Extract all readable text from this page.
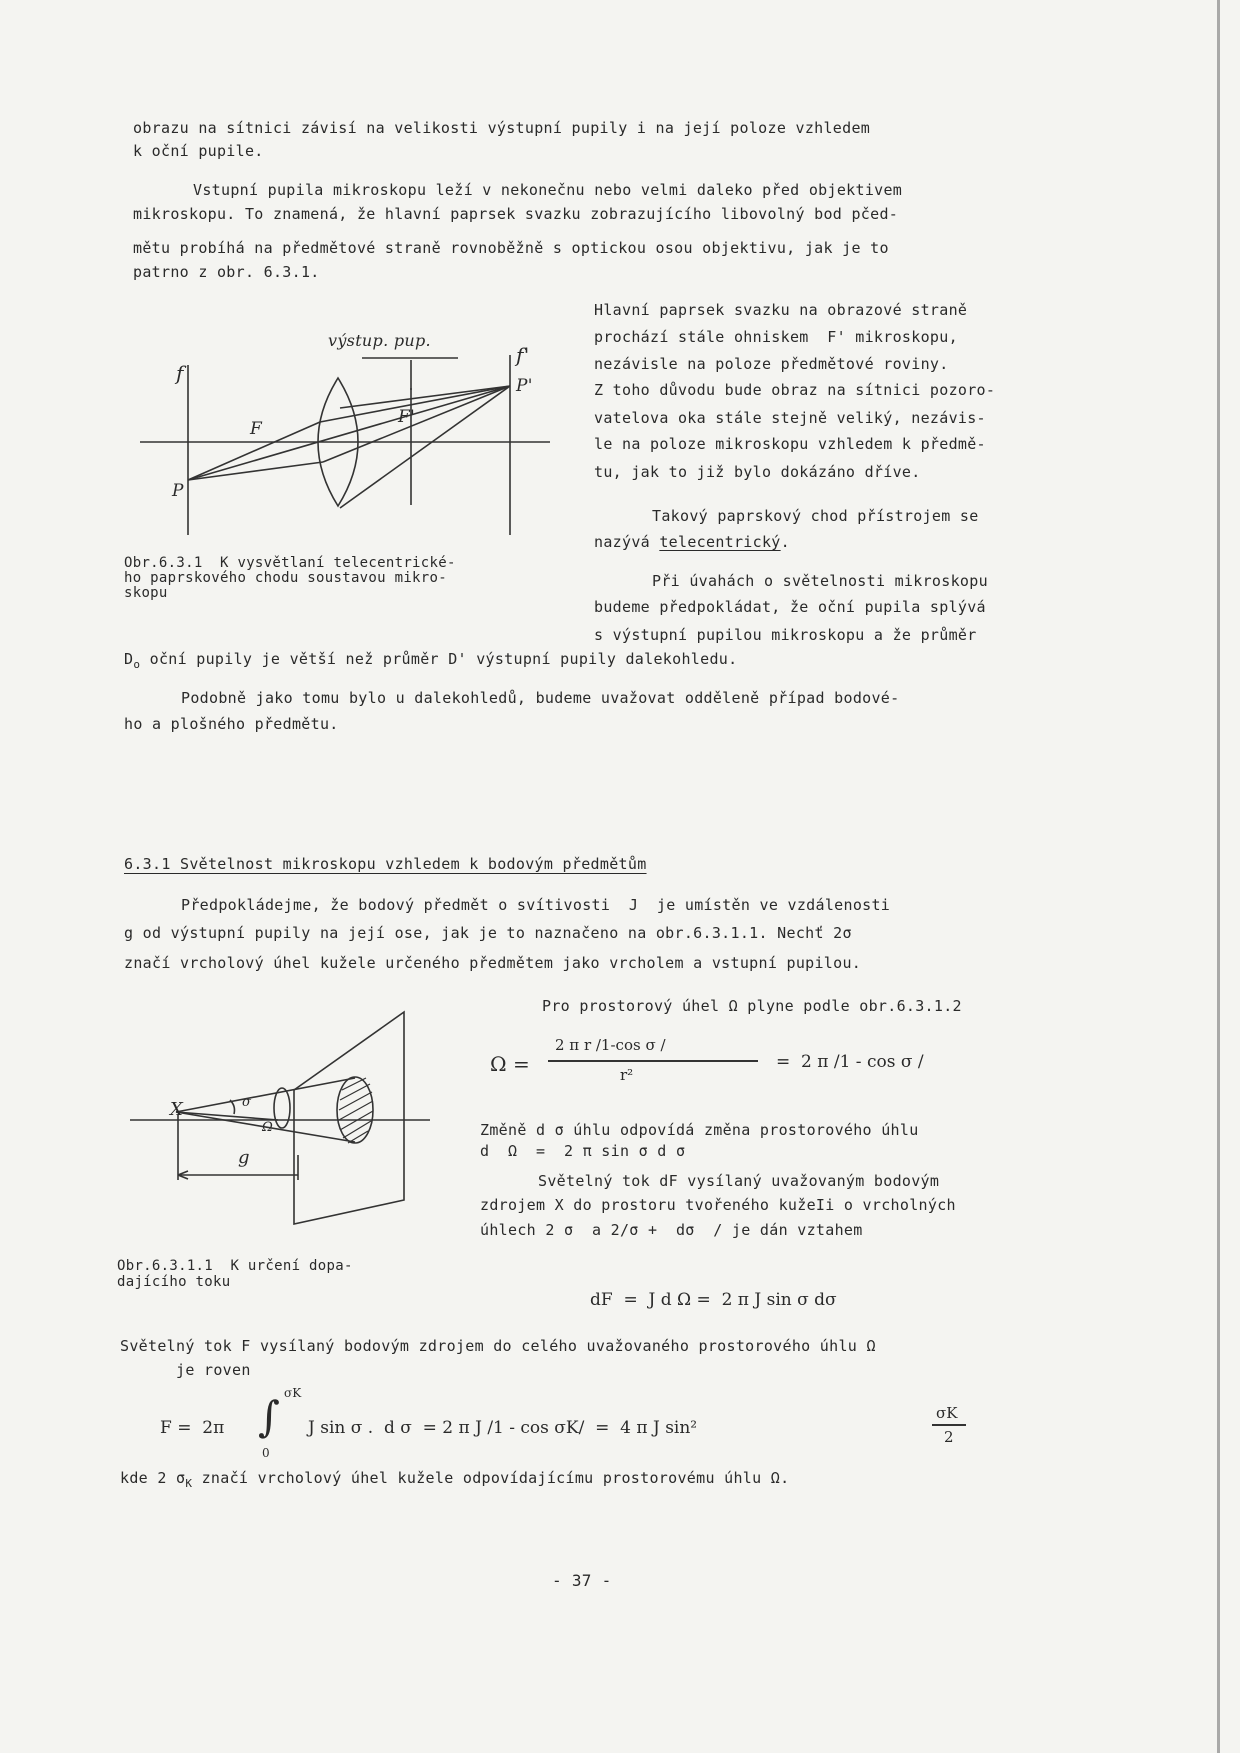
obrazu na sítnici závisí na velikosti výstupní pupily i na její poloze vzhledem
k oční pupile.
Vstupní pupila mikroskopu leží v nekonečnu nebo velmi daleko před objektivem
mikroskopu. To znamená, že hlavní paprsek svazku zobrazujícího libovolný bod pčed-
mětu probíhá na předmětové straně rovnoběžně s optickou osou objektivu, jak je to
patrno z obr. 6.3.1.
výstup. pup.
f
f'
P'
F
F'
P
Obr.6.3.1  K vysvětlaní telecentrické-
ho paprskového chodu soustavou mikro-
skopu
Hlavní paprsek svazku na obrazové straně
prochází stále ohniskem  F' mikroskopu,
nezávisle na poloze předmětové roviny.
Z toho důvodu bude obraz na sítnici pozoro-
vatelova oka stále stejně veliký, nezávis-
le na poloze mikroskopu vzhledem k předmě-
tu, jak to již bylo dokázáno dříve.
Takový paprskový chod přístrojem se
nazývá telecentrický.
Při úvahách o světelnosti mikroskopu
budeme předpokládat, že oční pupila splývá
s výstupní pupilou mikroskopu a že průměr
$D_o$ oční pupily je větší než průměr D' výstupní pupily dalekohledu.
Podobně jako tomu bylo u dalekohledů, budeme uvažovat odděleně případ bodové-
ho a plošného předmětu.
6.3.1 Světelnost mikroskopu vzhledem k bodovým předmětům
Předpokládejme, že bodový předmět o svítivosti  J  je umístěn ve vzdálenosti
g od výstupní pupily na její ose, jak je to naznačeno na obr.6.3.1.1. Nechť 2σ
značí vrcholový úhel kužele určeného předmětem jako vrcholem a vstupní pupilou.
Pro prostorový úhel Ω plyne podle obr.6.3.1.2
Ω =
2 π r /1-cos σ /
r²
=  2 π /1 - cos σ /
X	σ
Ω
g
Obr.6.3.1.1  K určení dopa-
dajícího toku
Změně d σ úhlu odpovídá změna prostorového úhlu
d  Ω  =  2 π sin σ d σ
Světelný tok dF vysílaný uvažovaným bodovým
zdrojem X do prostoru tvořeného kužeΙi o vrcholných
úhlech 2 σ  a 2/σ +  dσ  / je dán vztahem
dF  =  J d Ω =  2 π J sin σ dσ
Světelný tok F vysílaný bodovým zdrojem do celého uvažovaného prostorového úhlu Ω
je roven
F =  2π ∫ σK
0
J sin σ .  d σ  = 2 π J /1 - cos σK/  =  4 π J sin²
σK
2
kde 2 $\sigma_K$ značí vrcholový úhel kužele odpovídajícímu prostorovému úhlu Ω.
- 37 -
